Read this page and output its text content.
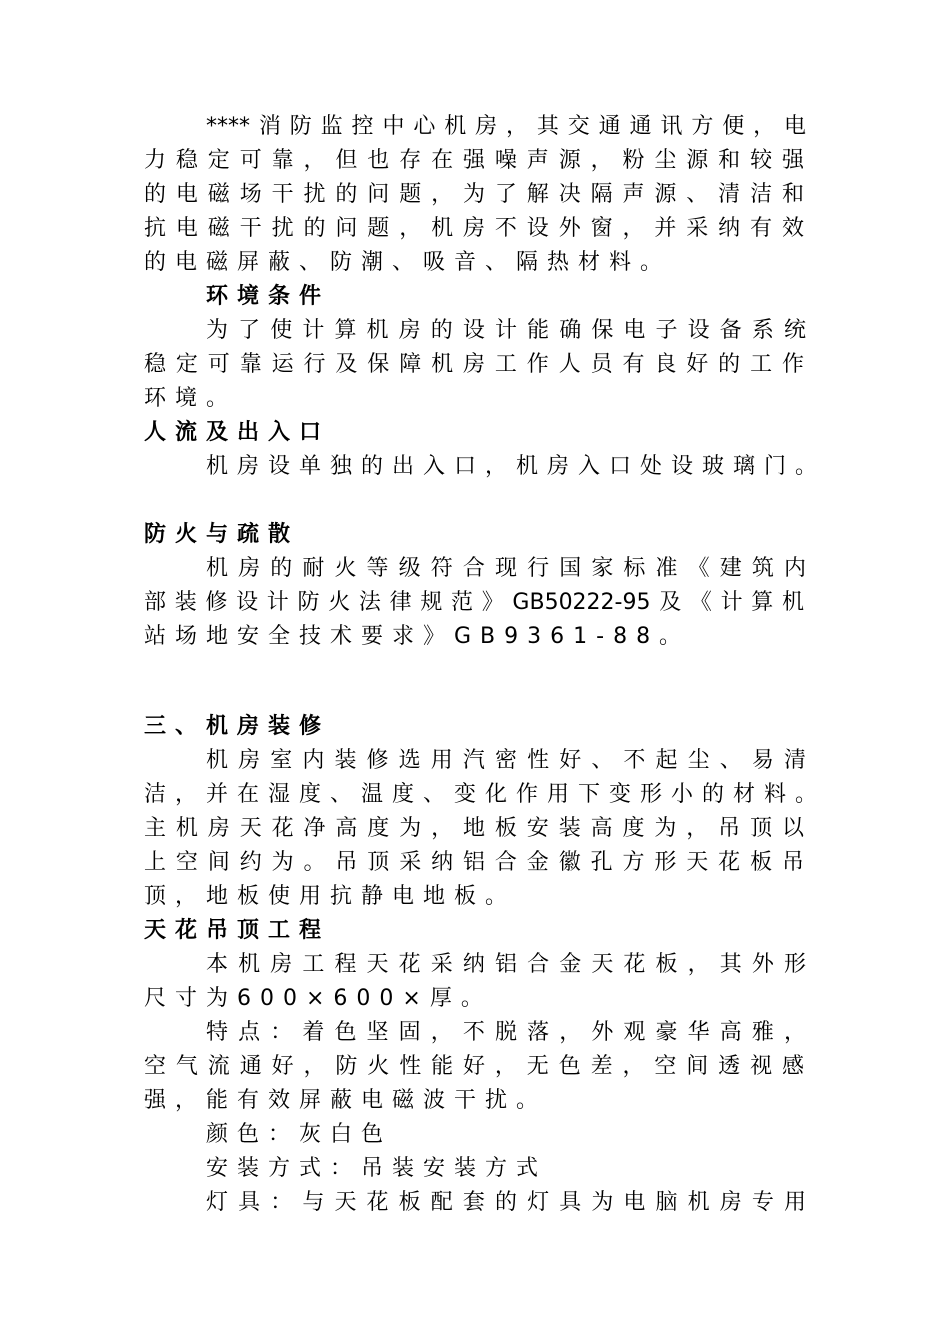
****消防监控中心机房，其交通通讯方便，电
力稳定可靠，但也存在强噪声源，粉尘源和较强
的电磁场干扰的问题，为了解决隔声源、清洁和
抗电磁干扰的问题，机房不设外窗，并采纳有效
的电磁屏蔽、防潮、吸音、隔热材料。
环境条件
为了使计算机房的设计能确保电子设备系统
稳定可靠运行及保障机房工作人员有良好的工作
环境。
人流及出入口
机房设单独的出入口，机房入口处设玻璃门。
防火与疏散
机房的耐火等级符合现行国家标准《建筑内
部装修设计防火法律规范》GB50222-95及《计算机
站场地安全技术要求》GB9361-88。
三、机房装修
机房室内装修选用汽密性好、不起尘、易清
洁，并在湿度、温度、变化作用下变形小的材料。
主机房天花净高度为，地板安装高度为，吊顶以
上空间约为。吊顶采纳铝合金徽孔方形天花板吊
顶，地板使用抗静电地板。
天花吊顶工程
本机房工程天花采纳铝合金天花板，其外形
尺寸为600×600×厚。
特点：着色坚固，不脱落，外观豪华高雅，
空气流通好，防火性能好，无色差，空间透视感
强，能有效屏蔽电磁波干扰。
颜色：灰白色
安装方式：吊装安装方式
灯具：与天花板配套的灯具为电脑机房专用
